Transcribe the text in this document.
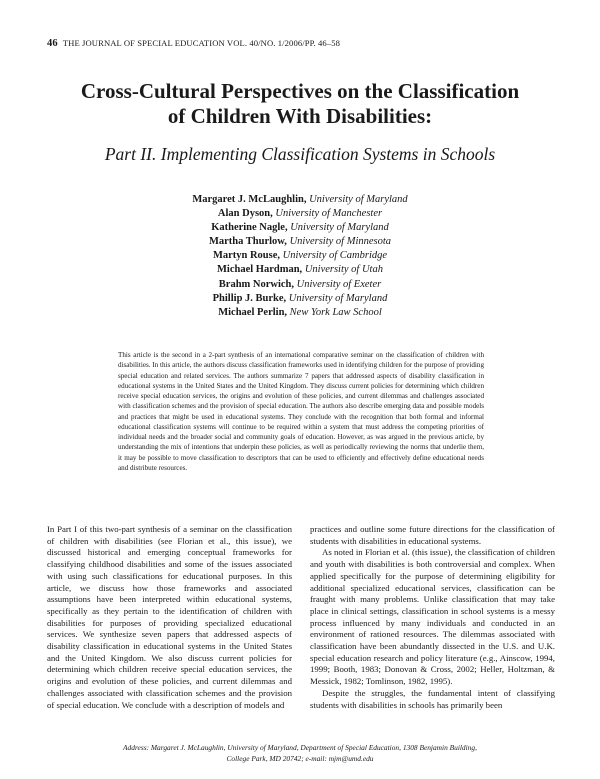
46 THE JOURNAL OF SPECIAL EDUCATION VOL. 40/NO. 1/2006/PP. 46–58
Cross-Cultural Perspectives on the Classification
of Children With Disabilities:
Part II. Implementing Classification Systems in Schools
Margaret J. McLaughlin, University of Maryland
Alan Dyson, University of Manchester
Katherine Nagle, University of Maryland
Martha Thurlow, University of Minnesota
Martyn Rouse, University of Cambridge
Michael Hardman, University of Utah
Brahm Norwich, University of Exeter
Phillip J. Burke, University of Maryland
Michael Perlin, New York Law School
This article is the second in a 2-part synthesis of an international comparative seminar on the classification of children with disabilities. In this article, the authors discuss classification frameworks used in identifying children for the purpose of providing special education and related services. The authors summarize 7 papers that addressed aspects of disability classification in educational systems in the United States and the United Kingdom. They discuss current policies for determining which children receive special education services, the origins and evolution of these policies, and current dilemmas and challenges associated with classification schemes and the provision of special education. The authors also describe emerging data and possible models and practices that might be used in educational systems. They conclude with the recognition that both formal and informal educational classification systems will continue to be required within a system that must address the competing priorities of individual needs and the broader social and community goals of education. However, as was argued in the previous article, by understanding the mix of intentions that underpin these policies, as well as periodically reviewing the norms that underlie them, it may be possible to move classification to descriptors that can be used to efficiently and effectively define educational needs and distribute resources.

In Part I of this two-part synthesis of a seminar on the classification of children with disabilities (see Florian et al., this issue), we discussed historical and emerging conceptual frameworks for classifying childhood disabilities and some of the issues associated with using such classifications for educational purposes. In this article, we discuss how those frameworks and associated assumptions have been interpreted within educational systems, specifically as they pertain to the identification of children with disabilities for purposes of providing specialized educational services. We synthesize seven papers that addressed aspects of disability classification in educational systems in the United States and the United Kingdom. We also discuss current policies for determining which children receive special education services, the origins and evolution of these policies, and current dilemmas and challenges associated with classification schemes and the provision of special education. We conclude with a description of models and

practices and outline some future directions for the classification of students with disabilities in educational systems.

As noted in Florian et al. (this issue), the classification of children and youth with disabilities is both controversial and complex. When applied specifically for the purpose of determining eligibility for additional specialized educational services, classification can be fraught with many problems. Unlike classification that may take place in clinical settings, classification in school systems is a messy process influenced by many individuals and conducted in an environment of rationed resources. The dilemmas associated with classification have been abundantly dissected in the U.S. and U.K. special education research and policy literature (e.g., Ainscow, 1994, 1999; Booth, 1983; Donovan & Cross, 2002; Heller, Holtzman, & Messick, 1982; Tomlinson, 1982, 1995).

Despite the struggles, the fundamental intent of classifying students with disabilities in schools has primarily been

Address: Margaret J. McLaughlin, University of Maryland, Department of Special Education, 1308 Benjamin Building,
College Park, MD 20742; e-mail: mjm@umd.edu
